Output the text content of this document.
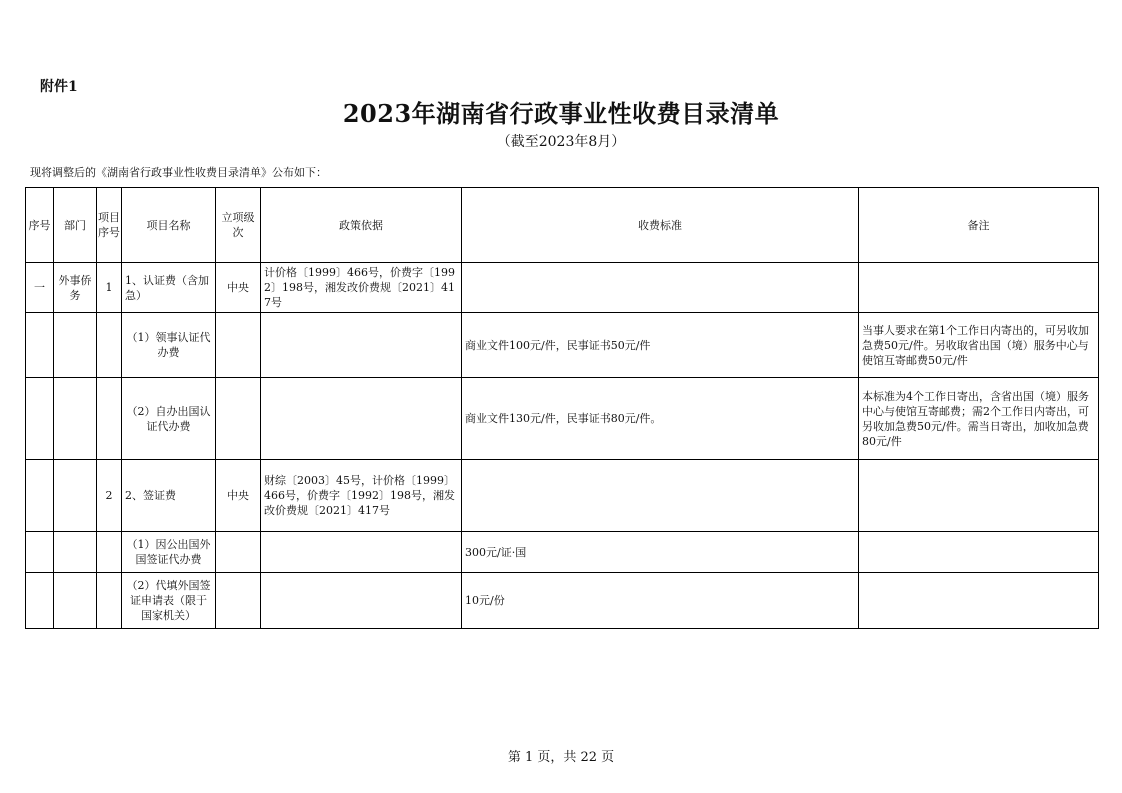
附件1
2023年湖南省行政事业性收费目录清单
（截至2023年8月）
现将调整后的《湖南省行政事业性收费目录清单》公布如下：
序号	部门	项目序号	项目名称	立项级次	政策依据	收费标准	备注
一	外事侨务	1	1、认证费（含加急）	中央	计价格〔1999〕466号，价费字〔1992〕198号，湘发改价费规〔2021〕417号		
			（1）领事认证代办费			商业文件100元/件，民事证书50元/件	当事人要求在第1个工作日内寄出的，可另收加急费50元/件。另收取省出国（境）服务中心与使馆互寄邮费50元/件
			（2）自办出国认证代办费			商业文件130元/件，民事证书80元/件。	本标准为4个工作日寄出，含省出国（境）服务中心与使馆互寄邮费；需2个工作日内寄出，可另收加急费50元/件。需当日寄出，加收加急费80元/件
		2	2、签证费	中央	财综〔2003〕45号，计价格〔1999〕466号，价费字〔1992〕198号，湘发改价费规〔2021〕417号		
			（1）因公出国外国签证代办费			300元/证·国	
			（2）代填外国签证申请表（限于国家机关）			10元/份	
第 1 页，共 22 页
